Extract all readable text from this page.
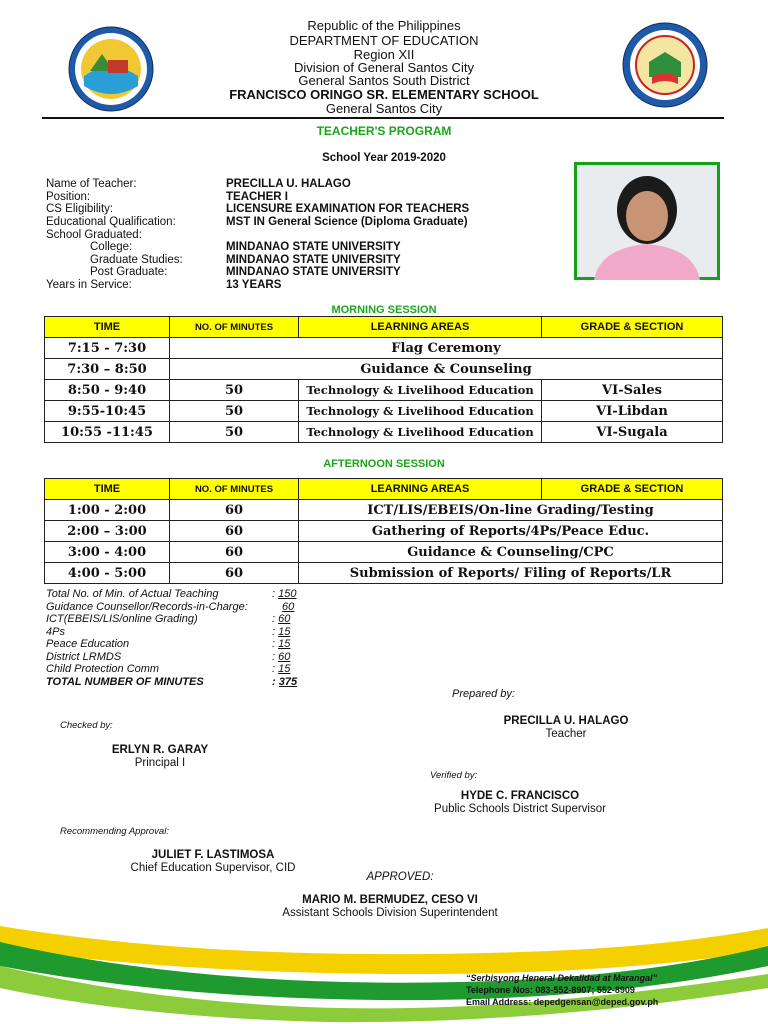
Republic of the Philippines
DEPARTMENT OF EDUCATION
Region XII
Division of General Santos City
General Santos South District
FRANCISCO ORINGO SR. ELEMENTARY SCHOOL
General Santos City
TEACHER'S PROGRAM
School Year 2019-2020
Name of Teacher:	PRECILLA U. HALAGO
Position:	TEACHER I
CS Eligibility:	LICENSURE EXAMINATION FOR TEACHERS
Educational Qualification:	MST IN General Science (Diploma Graduate)
School Graduated:
College:	MINDANAO STATE UNIVERSITY
Graduate Studies:	MINDANAO STATE UNIVERSITY
Post Graduate:	MINDANAO STATE UNIVERSITY
Years in Service:	13 YEARS
MORNING SESSION
TIME	NO. OF MINUTES	LEARNING AREAS	GRADE & SECTION
7:15 - 7:30	Flag Ceremony		
7:30 – 8:50	Guidance & Counseling		
8:50 - 9:40	50	Technology & Livelihood Education	VI-Sales
9:55-10:45	50	Technology & Livelihood Education	VI-Libdan
10:55 -11:45	50	Technology & Livelihood Education	VI-Sugala
AFTERNOON SESSION
TIME	NO. OF MINUTES	LEARNING AREAS	GRADE & SECTION
1:00 - 2:00	60	ICT/LIS/EBEIS/On-line Grading/Testing	
2:00 – 3:00	60	Gathering of Reports/4Ps/Peace Educ.	
3:00 - 4:00	60	Guidance & Counseling/CPC	
4:00 - 5:00	60	Submission of Reports/ Filing of Reports/LR	
Total No. of Min. of Actual Teaching	: 150
Guidance Counsellor/Records-in-Charge:	60
ICT(EBEIS/LIS/online Grading)	: 60
4Ps	: 15
Peace Education	: 15
District LRMDS	: 60
Child Protection Comm	: 15
TOTAL NUMBER OF MINUTES	: 375
Prepared by:
PRECILLA U. HALAGO
Teacher
Checked by:
ERLYN R. GARAY
Principal I
Verified by:
HYDE C. FRANCISCO
Public Schools District Supervisor
Recommending Approval:
JULIET F. LASTIMOSA
Chief Education Supervisor, CID
APPROVED:
MARIO M. BERMUDEZ, CESO VI
Assistant Schools Division Superintendent
“Serbisyong Heneral Dekalidad at Marangal”
Telephone Nos: 083-552-8907; 552-8909
Email Address: depedgensan@deped.gov.ph
